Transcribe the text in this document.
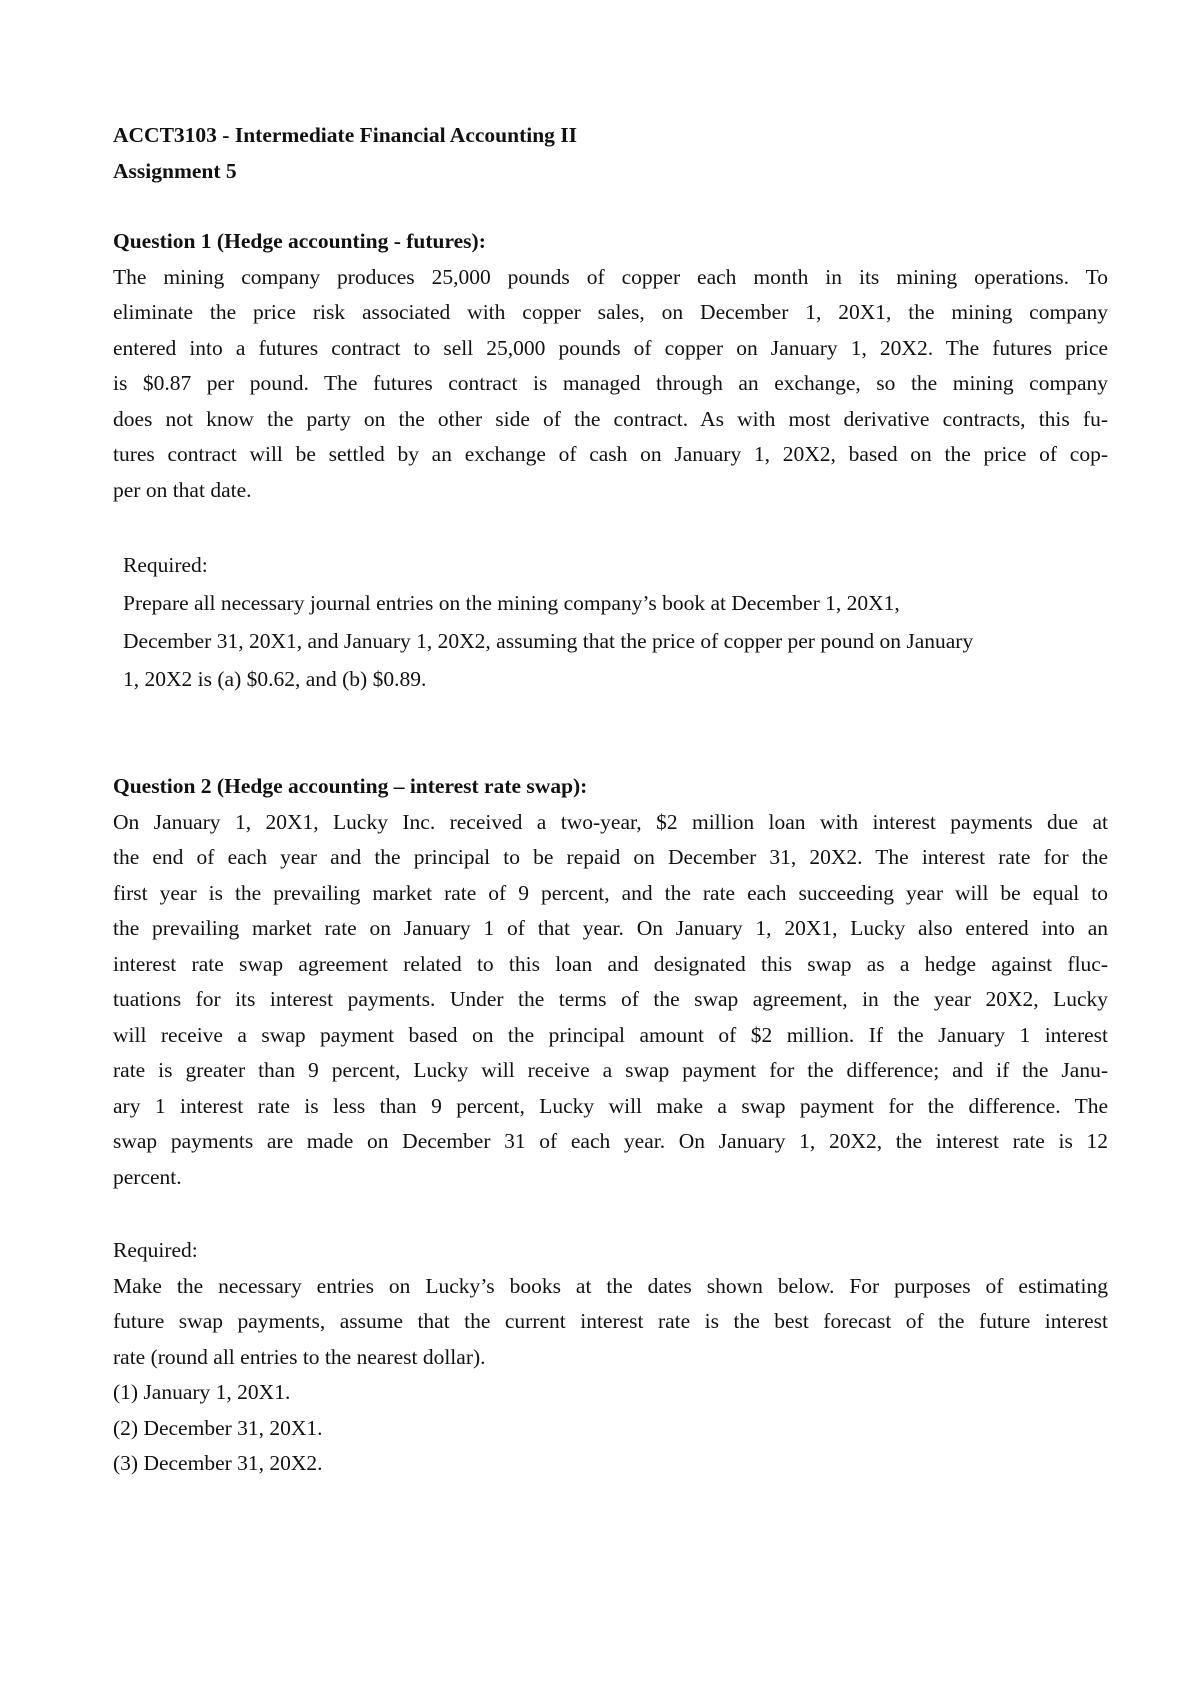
ACCT3103 - Intermediate Financial Accounting II
Assignment 5
Question 1 (Hedge accounting - futures):
The mining company produces 25,000 pounds of copper each month in its mining operations. To
eliminate the price risk associated with copper sales, on December 1, 20X1, the mining company
entered into a futures contract to sell 25,000 pounds of copper on January 1, 20X2. The futures price
is $0.87 per pound. The futures contract is managed through an exchange, so the mining company
does not know the party on the other side of the contract. As with most derivative contracts, this fu-
tures contract will be settled by an exchange of cash on January 1, 20X2, based on the price of cop-
per on that date.
Required:
Prepare all necessary journal entries on the mining company’s book at December 1, 20X1,
December 31, 20X1, and January 1, 20X2, assuming that the price of copper per pound on January
1, 20X2 is (a) $0.62, and (b) $0.89.
Question 2 (Hedge accounting – interest rate swap):
On January 1, 20X1, Lucky Inc. received a two-year, $2 million loan with interest payments due at
the end of each year and the principal to be repaid on December 31, 20X2. The interest rate for the
first year is the prevailing market rate of 9 percent, and the rate each succeeding year will be equal to
the prevailing market rate on January 1 of that year. On January 1, 20X1, Lucky also entered into an
interest rate swap agreement related to this loan and designated this swap as a hedge against fluc-
tuations for its interest payments. Under the terms of the swap agreement, in the year 20X2, Lucky
will receive a swap payment based on the principal amount of $2 million. If the January 1 interest
rate is greater than 9 percent, Lucky will receive a swap payment for the difference; and if the Janu-
ary 1 interest rate is less than 9 percent, Lucky will make a swap payment for the difference. The
swap payments are made on December 31 of each year. On January 1, 20X2, the interest rate is 12
percent.
Required:
Make the necessary entries on Lucky’s books at the dates shown below. For purposes of estimating
future swap payments, assume that the current interest rate is the best forecast of the future interest
rate (round all entries to the nearest dollar).
(1) January 1, 20X1.
(2) December 31, 20X1.
(3) December 31, 20X2.
